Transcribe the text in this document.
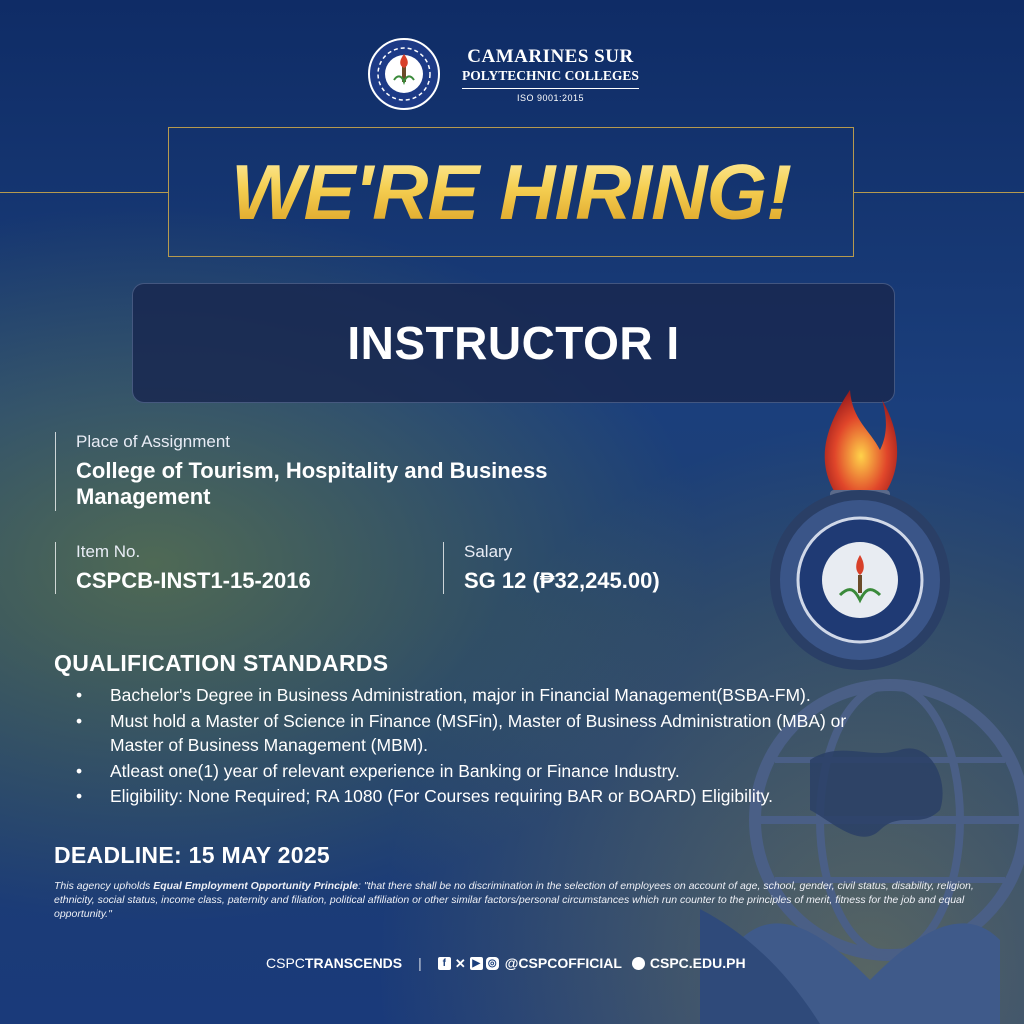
CAMARINES SUR
POLYTECHNIC COLLEGES
ISO 9001:2015
WE'RE HIRING!
INSTRUCTOR I
Place of Assignment
College of Tourism, Hospitality and Business Management
Item No.
CSPCB-INST1-15-2016
Salary
SG 12 (₱32,245.00)
QUALIFICATION STANDARDS
• Bachelor's Degree in Business Administration, major in Financial Management(BSBA-FM).
• Must hold a Master of Science in Finance (MSFin), Master of Business Administration (MBA) or Master of Business Management (MBM).
• Atleast one(1) year of relevant experience in Banking or Finance Industry.
• Eligibility: None Required; RA 1080 (For Courses requiring BAR or BOARD) Eligibility.
DEADLINE: 15 MAY 2025
This agency upholds Equal Employment Opportunity Principle: "that there shall be no discrimination in the selection of employees on account of age, school, gender, civil status, disability, religion, ethnicity, social status, income class, paternity and filiation, political affiliation or other similar factors/personal circumstances which run counter to the principles of merit, fitness for the job and equal opportunity."
CSPCTRANSCENDS |	f ✕ ▶ ◎ @CSPCOFFICIAL CSPC.EDU.PH
